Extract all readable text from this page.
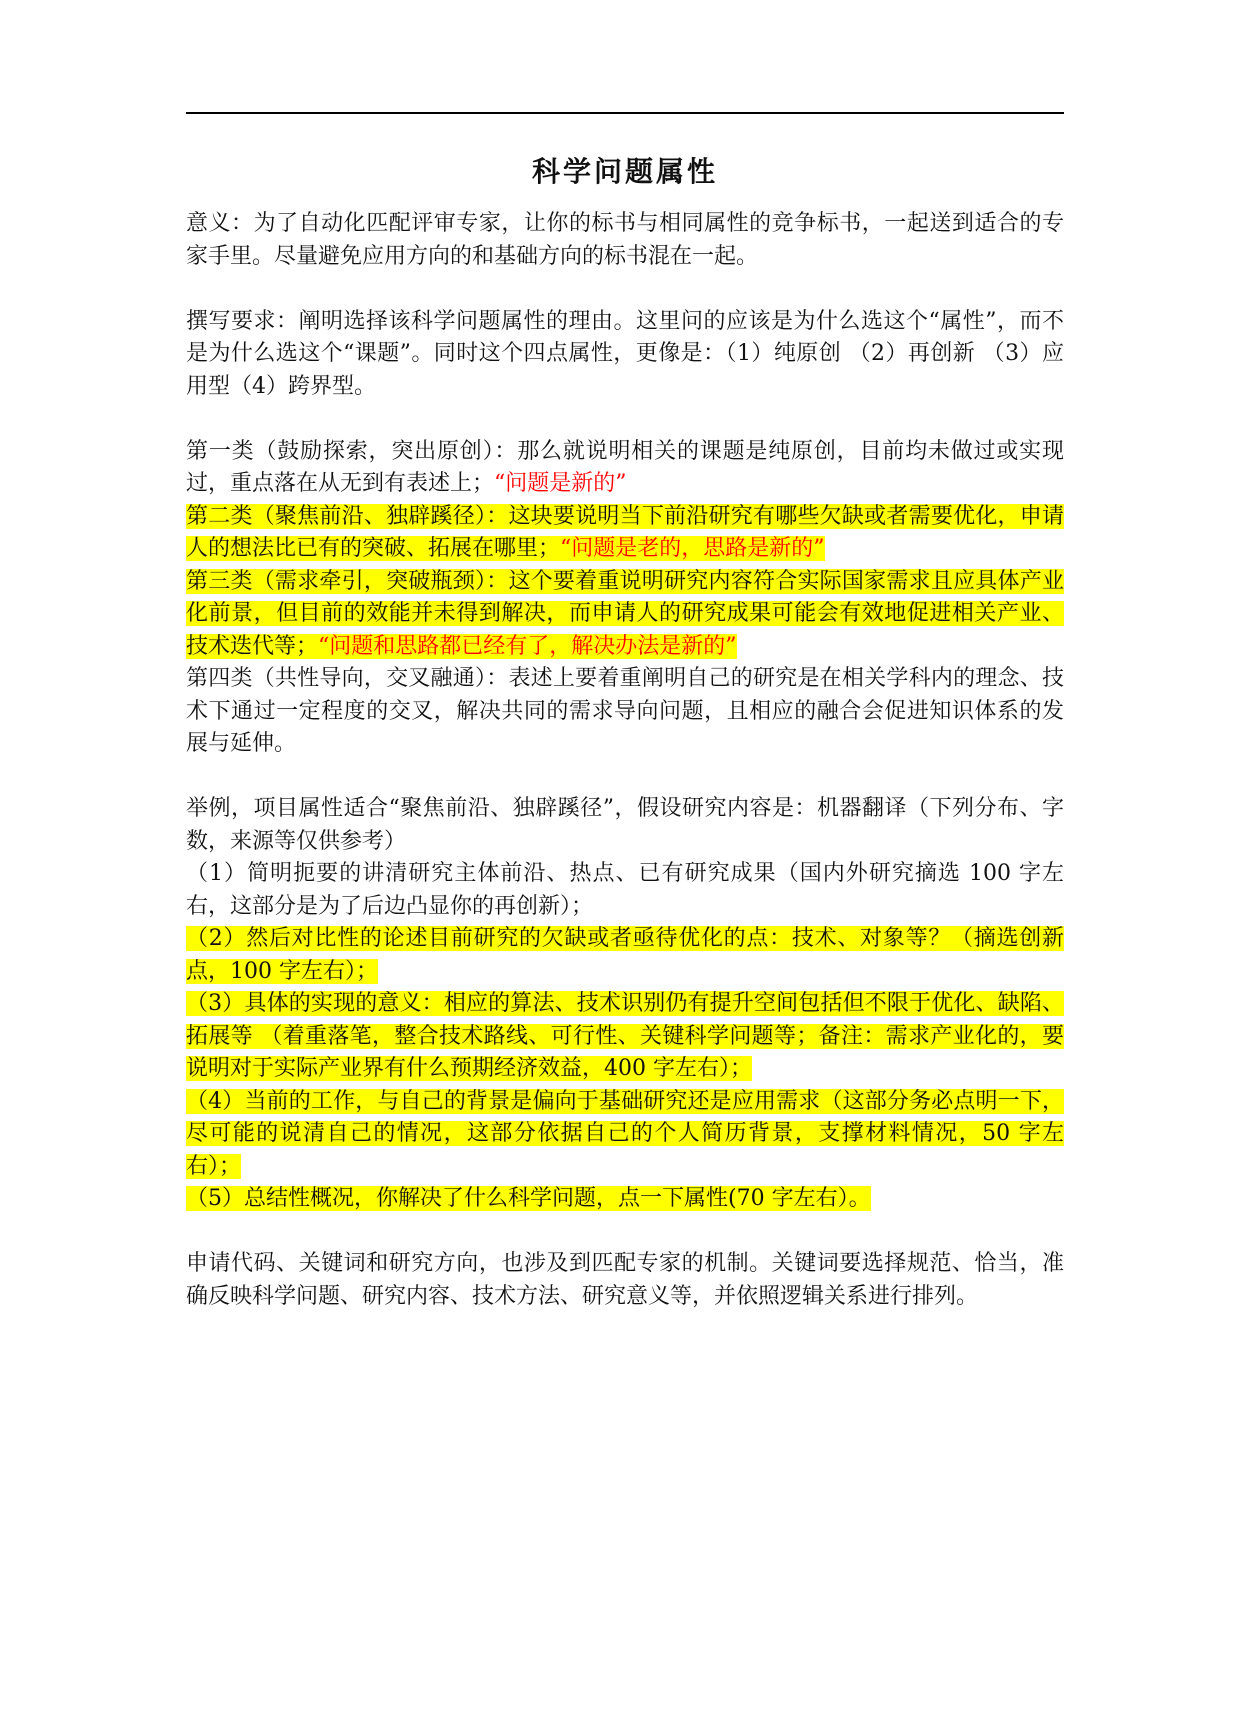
科学问题属性

意义：为了自动化匹配评审专家，让你的标书与相同属性的竞争标书，一起送到适合的专家手里。尽量避免应用方向的和基础方向的标书混在一起。

撰写要求：阐明选择该科学问题属性的理由。这里问的应该是为什么选这个“属性”，而不是为什么选这个“课题”。同时这个四点属性，更像是：（1）纯原创 （2）再创新 （3）应用型（4）跨界型。

第一类（鼓励探索，突出原创）：那么就说明相关的课题是纯原创，目前均未做过或实现过，重点落在从无到有表述上；“问题是新的”

第二类（聚焦前沿、独辟蹊径）：这块要说明当下前沿研究有哪些欠缺或者需要优化，申请人的想法比已有的突破、拓展在哪里；“问题是老的，思路是新的”

第三类（需求牵引，突破瓶颈）：这个要着重说明研究内容符合实际国家需求且应具体产业化前景，但目前的效能并未得到解决，而申请人的研究成果可能会有效地促进相关产业、技术迭代等；“问题和思路都已经有了，解决办法是新的”

第四类（共性导向，交叉融通）：表述上要着重阐明自己的研究是在相关学科内的理念、技术下通过一定程度的交叉，解决共同的需求导向问题，且相应的融合会促进知识体系的发展与延伸。

举例，项目属性适合“聚焦前沿、独辟蹊径”，假设研究内容是：机器翻译（下列分布、字数，来源等仅供参考）

（1）简明扼要的讲清研究主体前沿、热点、已有研究成果（国内外研究摘选 100 字左右，这部分是为了后边凸显你的再创新）；

（2）然后对比性的论述目前研究的欠缺或者亟待优化的点：技术、对象等？（摘选创新点，100 字左右）；

（3）具体的实现的意义：相应的算法、技术识别仍有提升空间包括但不限于优化、缺陷、拓展等 （着重落笔，整合技术路线、可行性、关键科学问题等；备注：需求产业化的，要说明对于实际产业界有什么预期经济效益，400 字左右）；

（4）当前的工作，与自己的背景是偏向于基础研究还是应用需求（这部分务必点明一下，尽可能的说清自己的情况，这部分依据自己的个人简历背景，支撑材料情况，50 字左右）；

（5）总结性概况，你解决了什么科学问题，点一下属性(70 字左右）。

申请代码、关键词和研究方向，也涉及到匹配专家的机制。关键词要选择规范、恰当，准确反映科学问题、研究内容、技术方法、研究意义等，并依照逻辑关系进行排列。
